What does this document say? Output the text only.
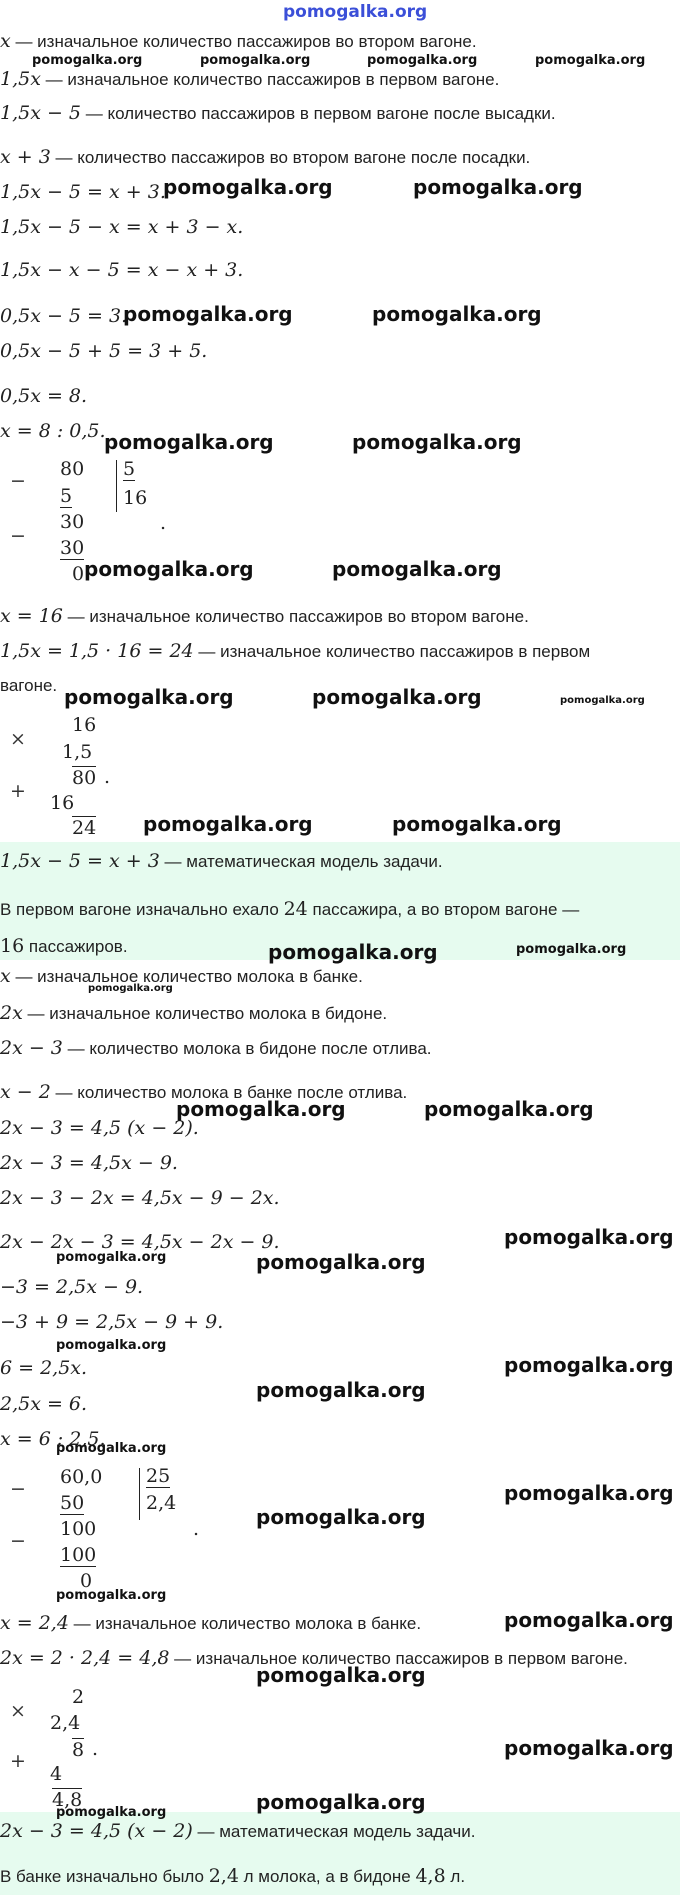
pomogalka.org
x — изначальное количество пассажиров во втором вагоне.
1,5x — изначальное количество пассажиров в первом вагоне.
1,5x − 5 — количество пассажиров в первом вагоне после высадки.
x + 3 — количество пассажиров во втором вагоне после посадки.
1,5x − 5 = x + 3.
1,5x − 5 − x = x + 3 − x.
1,5x − x − 5 = x − x + 3.
0,5x − 5 = 3.
0,5x − 5 + 5 = 3 + 5.
0,5x = 8.
x = 8 : 0,5.
−
−
80
5
30
30
0
5
16
.
x = 16 — изначальное количество пассажиров во втором вагоне.
1,5x = 1,5 · 16 = 24 — изначальное количество пассажиров в первом
вагоне.
×
+
16
1,5
80
16
24
.
1,5x − 5 = x + 3 — математическая модель задачи.
В первом вагоне изначально ехало 24 пассажира, а во втором вагоне —
16 пассажиров.
x — изначальное количество молока в банке.
2x — изначальное количество молока в бидоне.
2x − 3 — количество молока в бидоне после отлива.
x − 2 — количество молока в банке после отлива.
2x − 3 = 4,5 (x − 2).
2x − 3 = 4,5x − 9.
2x − 3 − 2x = 4,5x − 9 − 2x.
2x − 2x − 3 = 4,5x − 2x − 9.
−3 = 2,5x − 9.
−3 + 9 = 2,5x − 9 + 9.
6 = 2,5x.
2,5x = 6.
x = 6 : 2,5.
−
−
60,0
50
100
100
0
25
2,4
.
x = 2,4 — изначальное количество молока в банке.
2x = 2 · 2,4 = 4,8 — изначальное количество пассажиров в первом вагоне.
×
+
2
2,4
8
4
4,8
.
2x − 3 = 4,5 (x − 2) — математическая модель задачи.
В банке изначально было 2,4 л молока, а в бидоне 4,8 л.
pomogalka.org	pomogalka.org	pomogalka.org	pomogalka.org
pomogalka.org	pomogalka.org
pomogalka.org	pomogalka.org
pomogalka.org	pomogalka.org
pomogalka.org	pomogalka.org
pomogalka.org	pomogalka.org	pomogalka.org
pomogalka.org	pomogalka.org
pomogalka.org	pomogalka.org
pomogalka.org
pomogalka.org	pomogalka.org
pomogalka.org
pomogalka.org	pomogalka.org
pomogalka.org
pomogalka.org
pomogalka.org
pomogalka.org
pomogalka.org
pomogalka.org
pomogalka.org
pomogalka.org
pomogalka.org
pomogalka.org
pomogalka.org
pomogalka.org
